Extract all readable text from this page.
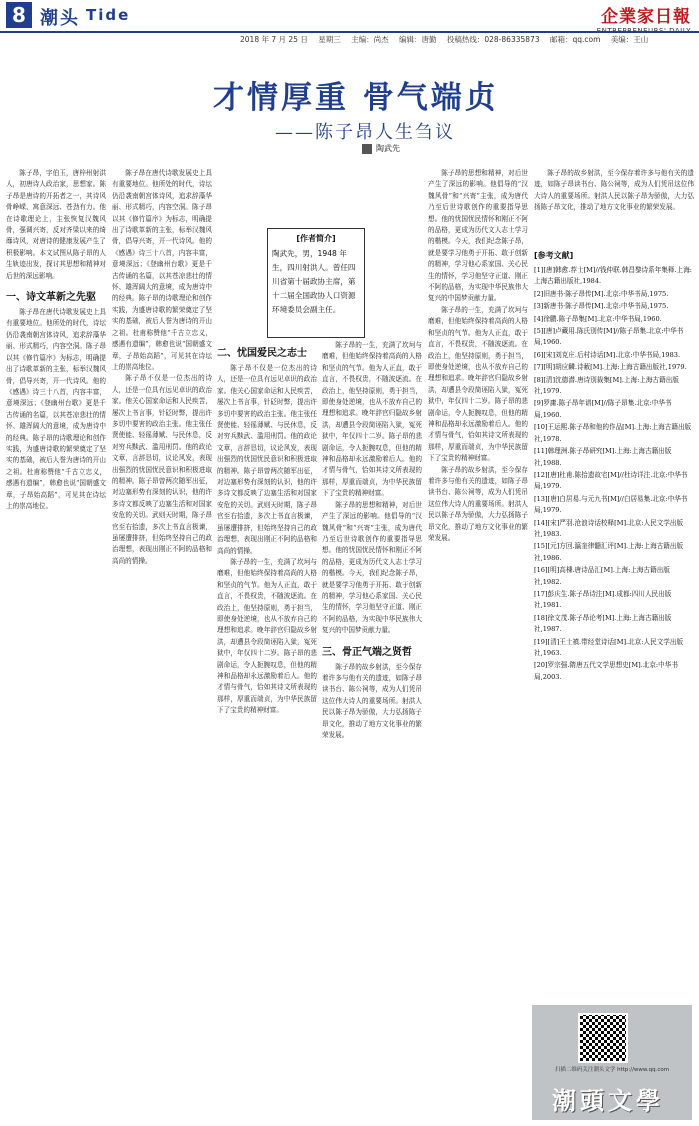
8 潮头 Tide	企業家日報
2018 年 7 月 25 日 星期三 主编：尚杰 编辑：唐勤 投稿热线：028-86335873 邮箱：qq.com 美编：王山
才情厚重 骨气端贞
——陈子昂人生刍议
陶武先

陈子昂，字伯玉，唐梓州射洪人，初唐诗人政治家，思想家。陈子昂是唐诗的开拓者之一，其诗风骨峥嵘、寓意深远、苍劲有力。他在诗歌理论上，主张恢复汉魏风骨，强调兴寄，反对齐梁以来的绮靡诗风，对唐诗的健康发展产生了积极影响。本文试图从陈子昂的人生轨迹出发，探讨其思想和精神对后世的深远影响。

一、诗文革新之先驱

陈子昂在唐代诗歌发展史上具有重要地位。他所处的时代，诗坛仍沿袭南朝宫体诗风，追求辞藻华丽、形式精巧，内容空洞。陈子昂以其《修竹篇序》为标志，明确提出了诗歌革新的主张，标举汉魏风骨，倡导兴寄，开一代诗风。他的《感遇》诗三十八首，内容丰富，意境深远；《登幽州台歌》更是千古传诵的名篇，以其苍凉悲壮的情怀、雄浑阔大的意境，成为唐诗中的经典。陈子昂的诗歌理论和创作实践，为盛唐诗歌的繁荣奠定了坚实的基础，被后人誉为唐诗的开山之祖。杜甫称赞他“千古立忠义，感遇有遗编”，韩愈也说“国朝盛文章，子昂始高蹈”，可见其在诗坛上的崇高地位。

陈子昂在唐代诗歌发展史上具有重要地位。他所处的时代，诗坛仍沿袭南朝宫体诗风，追求辞藻华丽、形式精巧，内容空洞。陈子昂以其《修竹篇序》为标志，明确提出了诗歌革新的主张，标举汉魏风骨，倡导兴寄，开一代诗风。他的《感遇》诗三十八首，内容丰富，意境深远；《登幽州台歌》更是千古传诵的名篇，以其苍凉悲壮的情怀、雄浑阔大的意境，成为唐诗中的经典。陈子昂的诗歌理论和创作实践，为盛唐诗歌的繁荣奠定了坚实的基础，被后人誉为唐诗的开山之祖。杜甫称赞他“千古立忠义，感遇有遗编”，韩愈也说“国朝盛文章，子昂始高蹈”，可见其在诗坛上的崇高地位。

陈子昂不仅是一位杰出的诗人，还是一位具有远见卓识的政治家。他关心国家命运和人民疾苦，屡次上书言事，针砭时弊，提出许多切中要害的政治主张。他主张任贤使能、轻徭薄赋、与民休息，反对穷兵黩武、滥用刑罚。他的政论文章，言辞恳切，议论风发，表现出强烈的忧国忧民意识和积极进取的精神。陈子昂曾两次随军出征，对边塞形势有深刻的认识，他的许多诗文都反映了边塞生活和对国家安危的关切。武则天时期，陈子昂官至右拾遗，多次上书直言极谏，虽屡遭排挤，但始终坚持自己的政治理想，表现出刚正不阿的品格和高尚的情操。

二、忧国爱民之志士

陈子昂不仅是一位杰出的诗人，还是一位具有远见卓识的政治家。他关心国家命运和人民疾苦，屡次上书言事，针砭时弊，提出许多切中要害的政治主张。他主张任贤使能、轻徭薄赋、与民休息，反对穷兵黩武、滥用刑罚。他的政论文章，言辞恳切，议论风发，表现出强烈的忧国忧民意识和积极进取的精神。陈子昂曾两次随军出征，对边塞形势有深刻的认识，他的许多诗文都反映了边塞生活和对国家安危的关切。武则天时期，陈子昂官至右拾遗，多次上书直言极谏，虽屡遭排挤，但始终坚持自己的政治理想，表现出刚正不阿的品格和高尚的情操。

陈子昂的一生，充满了坎坷与磨难，但他始终保持着高尚的人格和坚贞的气节。他为人正直，敢于直言，不畏权贵，不随波逐流。在政治上，他坚持原则，勇于担当，即使身处逆境，也从不放弃自己的理想和追求。晚年辞官归隐故乡射洪，却遭县令段简诬陷入狱，冤死狱中，年仅四十二岁。陈子昂的悲剧命运，令人扼腕叹息，但他的精神和品格却永远激励着后人。他的才情与骨气，恰如其诗文所表现的那样，厚重而端贞，为中华民族留下了宝贵的精神财富。

[作者简介]
陶武先，男，1948 年生，四川射洪人。曾任四川省第十届政协主席，第十二届全国政协人口资源环境委员会副主任。

陈子昂的一生，充满了坎坷与磨难，但他始终保持着高尚的人格和坚贞的气节。他为人正直，敢于直言，不畏权贵，不随波逐流。在政治上，他坚持原则，勇于担当，即使身处逆境，也从不放弃自己的理想和追求。晚年辞官归隐故乡射洪，却遭县令段简诬陷入狱，冤死狱中，年仅四十二岁。陈子昂的悲剧命运，令人扼腕叹息，但他的精神和品格却永远激励着后人。他的才情与骨气，恰如其诗文所表现的那样，厚重而端贞，为中华民族留下了宝贵的精神财富。

陈子昂的思想和精神，对后世产生了深远的影响。他倡导的“汉魏风骨”和“兴寄”主张，成为唐代乃至后世诗歌创作的重要指导思想。他的忧国忧民情怀和刚正不阿的品格，更成为历代文人志士学习的楷模。今天，我们纪念陈子昂，就是要学习他勇于开拓、敢于创新的精神，学习他心系家国、关心民生的情怀，学习他坚守正道、刚正不阿的品格，为实现中华民族伟大复兴的中国梦贡献力量。

三、骨正气端之贤哲

陈子昂的故乡射洪，至今保存着许多与他有关的遗迹，如陈子昂读书台、陈公祠等，成为人们凭吊这位伟大诗人的重要场所。射洪人民以陈子昂为骄傲，大力弘扬陈子昂文化，推动了地方文化事业的繁荣发展。

陈子昂的思想和精神，对后世产生了深远的影响。他倡导的“汉魏风骨”和“兴寄”主张，成为唐代乃至后世诗歌创作的重要指导思想。他的忧国忧民情怀和刚正不阿的品格，更成为历代文人志士学习的楷模。今天，我们纪念陈子昂，就是要学习他勇于开拓、敢于创新的精神，学习他心系家国、关心民生的情怀，学习他坚守正道、刚正不阿的品格，为实现中华民族伟大复兴的中国梦贡献力量。

陈子昂的一生，充满了坎坷与磨难，但他始终保持着高尚的人格和坚贞的气节。他为人正直，敢于直言，不畏权贵，不随波逐流。在政治上，他坚持原则，勇于担当，即使身处逆境，也从不放弃自己的理想和追求。晚年辞官归隐故乡射洪，却遭县令段简诬陷入狱，冤死狱中，年仅四十二岁。陈子昂的悲剧命运，令人扼腕叹息，但他的精神和品格却永远激励着后人。他的才情与骨气，恰如其诗文所表现的那样，厚重而端贞，为中华民族留下了宝贵的精神财富。

陈子昂的故乡射洪，至今保存着许多与他有关的遗迹，如陈子昂读书台、陈公祠等，成为人们凭吊这位伟大诗人的重要场所。射洪人民以陈子昂为骄傲，大力弘扬陈子昂文化，推动了地方文化事业的繁荣发展。

陈子昂的故乡射洪，至今保存着许多与他有关的遗迹，如陈子昂读书台、陈公祠等，成为人们凭吊这位伟大诗人的重要场所。射洪人民以陈子昂为骄傲，大力弘扬陈子昂文化，推动了地方文化事业的繁荣发展。

[参考文献]
[1][唐]韩愈.荐士[M]//钱仲联.韩昌黎诗系年集释.上海:上海古籍出版社,1984.
[2]旧唐书·陈子昂传[M].北京:中华书局,1975.
[3]新唐书·陈子昂传[M].北京:中华书局,1975.
[4]徐鹏.陈子昂集[M].北京:中华书局,1960.
[5][唐]卢藏用.陈氏别传[M]//陈子昂集.北京:中华书局,1960.
[6][宋]刘克庄.后村诗话[M].北京:中华书局,1983.
[7][明]胡应麟.诗薮[M].上海:上海古籍出版社,1979.
[8][清]沈德潜.唐诗别裁集[M].上海:上海古籍出版社,1979.
[9]罗庸.陈子昂年谱[M]//陈子昂集.北京:中华书局,1960.
[10]王运熙.陈子昂和他的作品[M].上海:上海古籍出版社,1978.
[11]韩理洲.陈子昂研究[M].上海:上海古籍出版社,1988.
[12][唐]杜甫.陈拾遗故宅[M]//杜诗详注.北京:中华书局,1979.
[13][唐]白居易.与元九书[M]//白居易集.北京:中华书局,1979.
[14][宋]严羽.沧浪诗话校释[M].北京:人民文学出版社,1983.
[15][元]方回.瀛奎律髓汇评[M].上海:上海古籍出版社,1986.
[16][明]高棅.唐诗品汇[M].上海:上海古籍出版社,1982.
[17]彭庆生.陈子昂诗注[M].成都:四川人民出版社,1981.
[18]徐文茂.陈子昂论考[M].上海:上海古籍出版社,1987.
[19][清]王士禛.带经堂诗话[M].北京:人民文学出版社,1963.
[20]罗宗强.隋唐五代文学思想史[M].北京:中华书局,2003.
扫描二维码关注潮头文学 http://www.qq.com
潮頭文學
